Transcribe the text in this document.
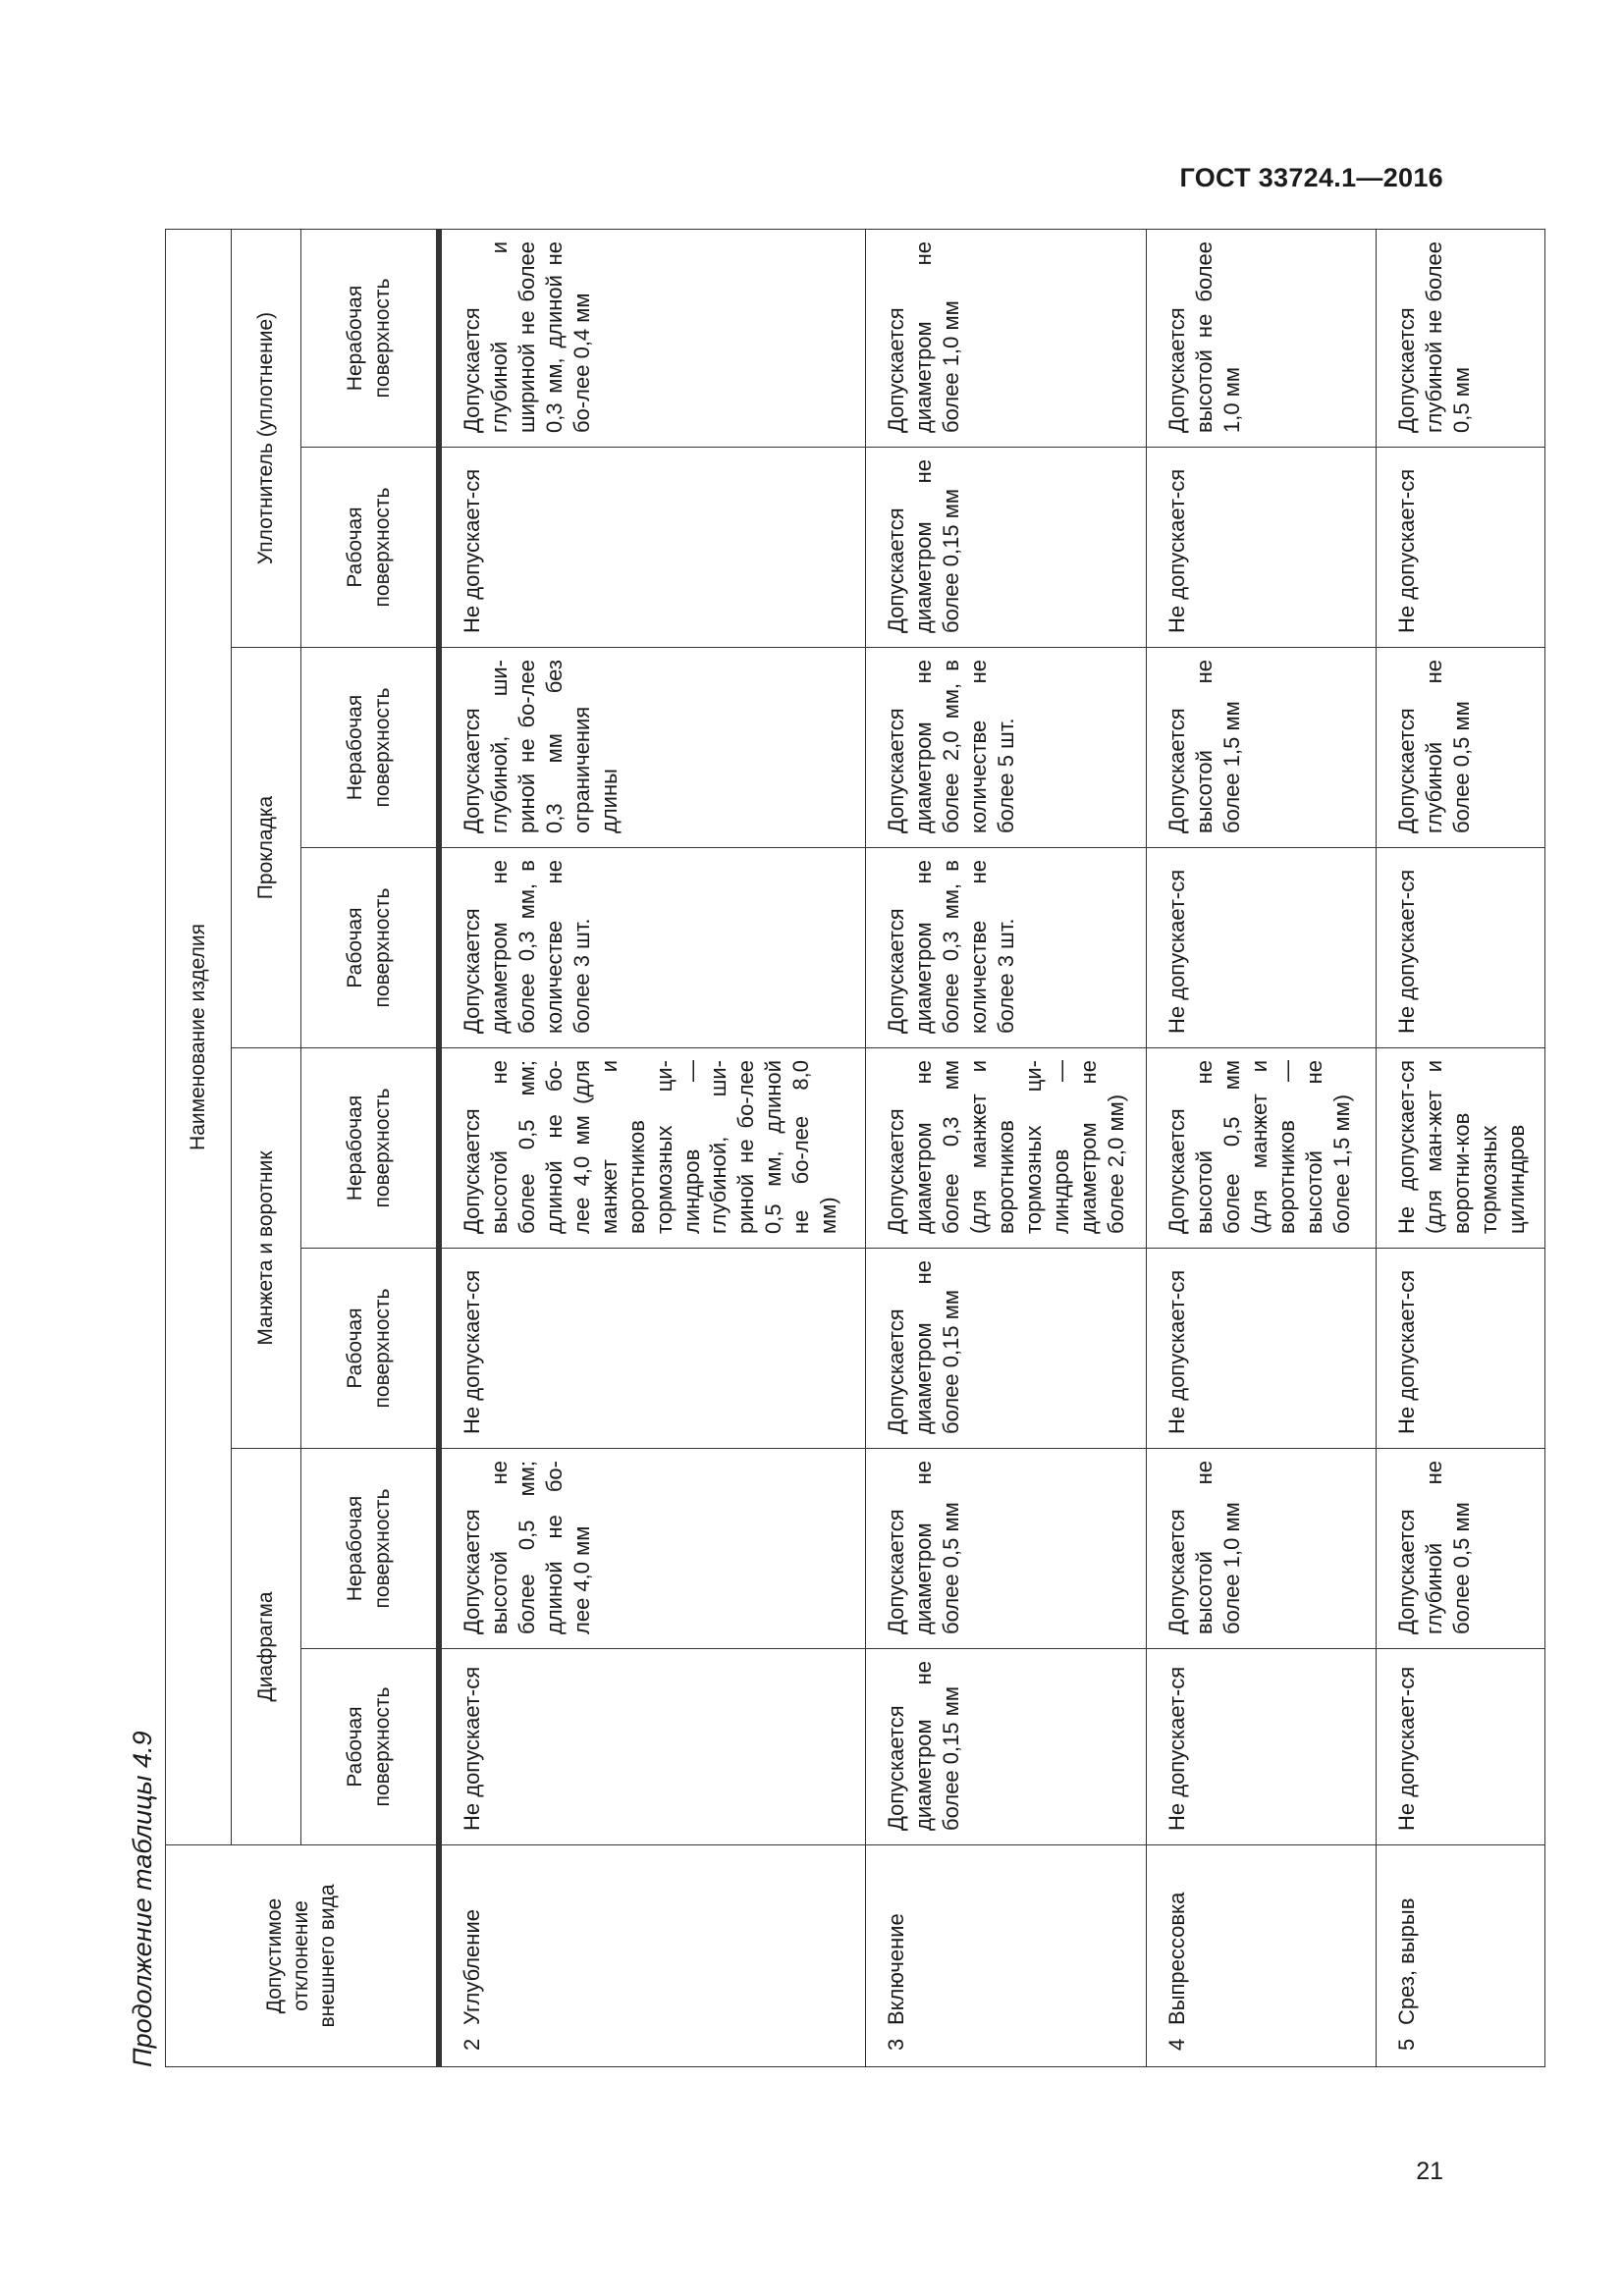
ГОСТ 33724.1—2016
Продолжение таблицы 4.9	Допустимое отклонение внешнего вида	Наименование изделия							
	Диафрагма		Манжета и воротник		Прокладка		Уплотнитель (уплотнение)	
	Рабочая поверхность	Нерабочая поверхность	Рабочая поверхность	Нерабочая поверхность	Рабочая поверхность	Нерабочая поверхность	Рабочая поверхность	Нерабочая поверхность

2Углубление	Не допускает-ся	Допускается высотой не более 0,5 мм; длиной не бо-лее 4,0 мм	Не допускает-ся	Допускается высотой не более 0,5 мм; длиной не бо-лее 4,0 мм (для манжет и воротников тормозных ци-линдров — глубиной, ши-риной не бо-лее 0,5 мм, длиной не бо-лее 8,0 мм)	Допускается диаметром не более 0,3 мм, в количестве не более 3 шт.	Допускается глубиной, ши-риной не бо-лее 0,3 мм без ограничения длины	Не допускает-ся	Допускается глубиной и шириной не более 0,3 мм, длиной не бо-лее 0,4 мм
3Включение	Допускается диаметром не более 0,15 мм	Допускается диаметром не более 0,5 мм	Допускается диаметром не более 0,15 мм	Допускается диаметром не более 0,3 мм (для манжет и воротников тормозных ци-линдров — диаметром не более 2,0 мм)	Допускается диаметром не более 0,3 мм, в количестве не более 3 шт.	Допускается диаметром не более 2,0 мм, в количестве не более 5 шт.	Допускается диаметром не более 0,15 мм	Допускается диаметром не более 1,0 мм
4Выпрессовка	Не допускает-ся	Допускается высотой не более 1,0 мм	Не допускает-ся	Допускается высотой не более 0,5 мм (для манжет и воротников — высотой не более 1,5 мм)	Не допускает-ся	Допускается высотой не более 1,5 мм	Не допускает-ся	Допускается высотой не более 1,0 мм
5Срез, вырыв	Не допускает-ся	Допускается глубиной не более 0,5 мм	Не допускает-ся	Не допускает-ся (для ман-жет и воротни-ков тормозных цилиндров	Не допускает-ся	Допускается глубиной не более 0,5 мм	Не допускает-ся	Допускается глубиной не более 0,5 мм
21
